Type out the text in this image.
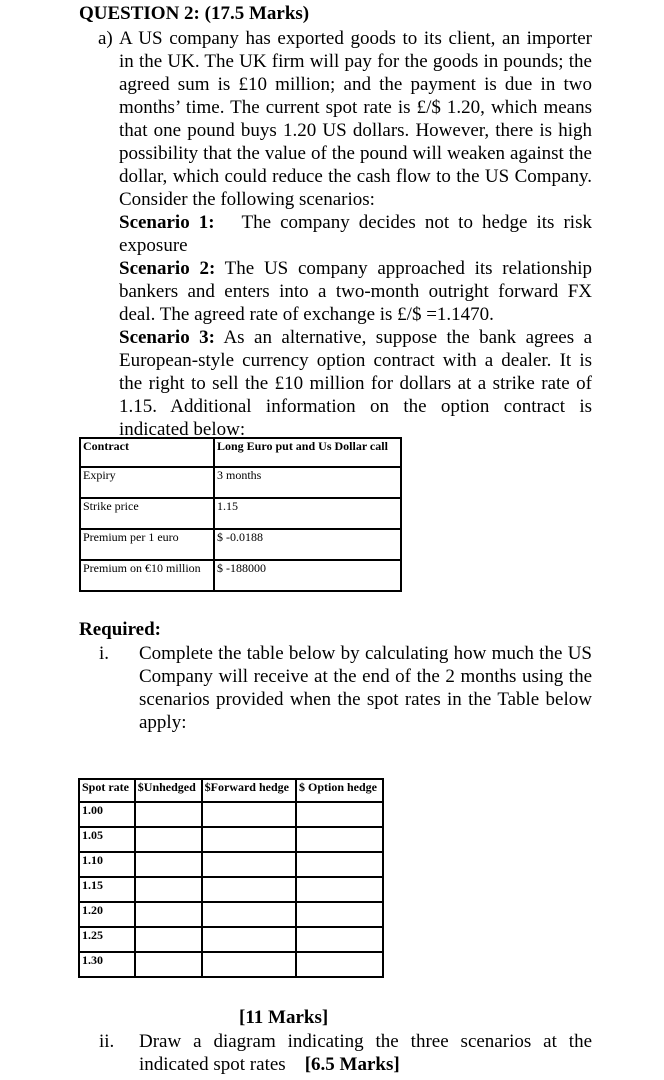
QUESTION 2: (17.5 Marks)
a) A US company has exported goods to its client, an importer in the UK. The UK firm will pay for the goods in pounds; the agreed sum is £10 million; and the payment is due in two months’ time. The current spot rate is £/$ 1.20, which means that one pound buys 1.20 US dollars. However, there is high possibility that the value of the pound will weaken against the dollar, which could reduce the cash flow to the US Company. Consider the following scenarios:
Scenario 1: The company decides not to hedge its risk exposure
Scenario 2: The US company approached its relationship bankers and enters into a two-month outright forward FX deal. The agreed rate of exchange is £/$ =1.1470.
Scenario 3: As an alternative, suppose the bank agrees a European-style currency option contract with a dealer. It is the right to sell the £10 million for dollars at a strike rate of 1.15. Additional information on the option contract is indicated below:
Contract	Long Euro put and Us Dollar call
Expiry	3 months
Strike price	1.15
Premium per 1 euro	$ -0.0188
Premium on €10 million	$ -188000
Required:
i. Complete the table below by calculating how much the US Company will receive at the end of the 2 months using the scenarios provided when the spot rates in the Table below apply:
Spot rate	$Unhedged	$Forward hedge	$ Option hedge
1.00			
1.05			
1.10			
1.15			
1.20			
1.25			
1.30			
[11 Marks]
ii. Draw a diagram indicating the three scenarios at the indicated spot rates [6.5 Marks]
